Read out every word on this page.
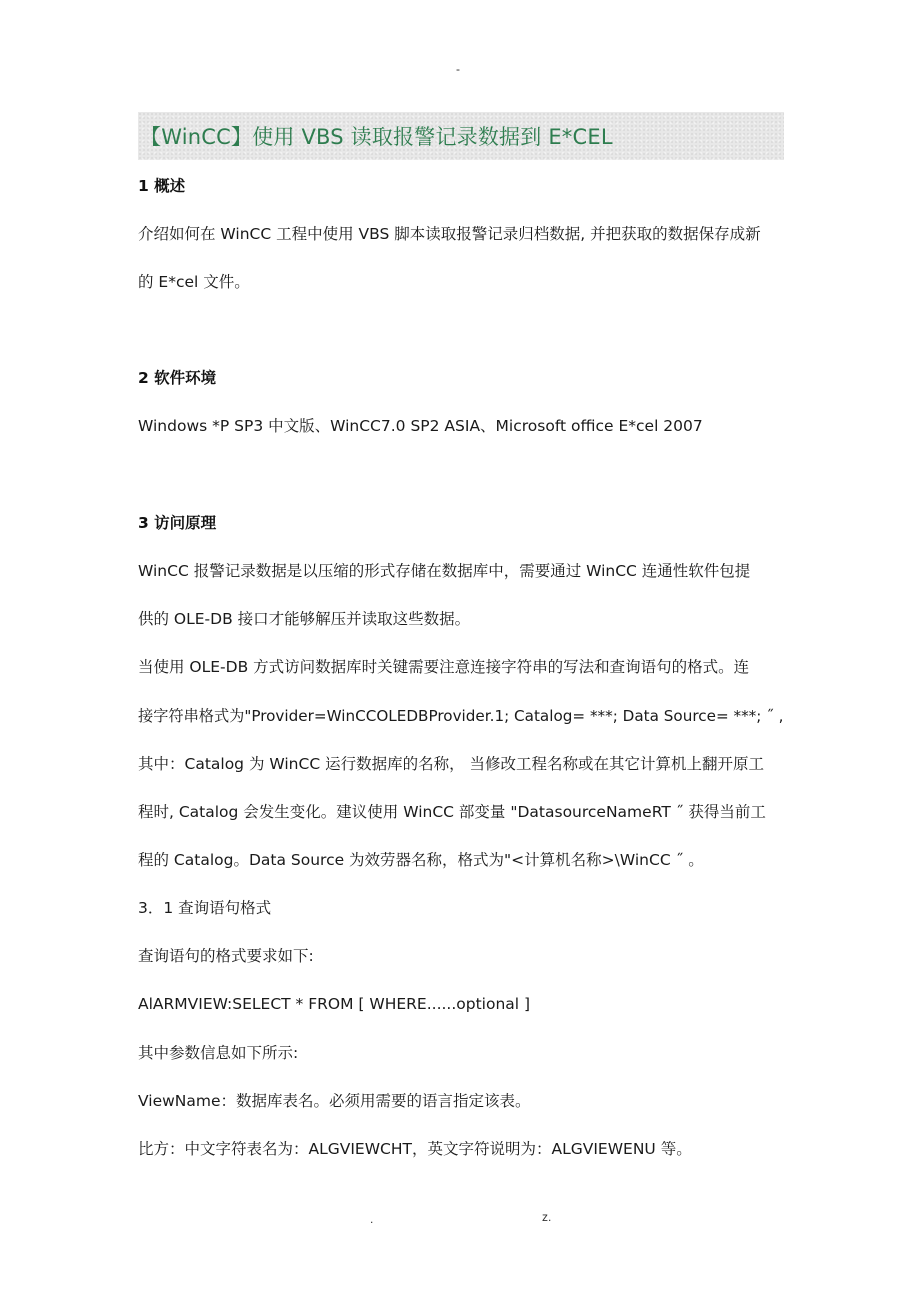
-
【WinCC】使用 VBS 读取报警记录数据到 E*CEL
1 概述
介绍如何在 WinCC 工程中使用 VBS 脚本读取报警记录归档数据, 并把获取的数据保存成新
的 E*cel 文件。
2 软件环境
Windows *P SP3 中文版、WinCC7.0 SP2 ASIA、Microsoft office E*cel 2007
3 访问原理
WinCC 报警记录数据是以压缩的形式存储在数据库中，需要通过 WinCC 连通性软件包提
供的 OLE-DB 接口才能够解压并读取这些数据。
当使用 OLE-DB 方式访问数据库时关键需要注意连接字符串的写法和查询语句的格式。连
接字符串格式为"Provider=WinCCOLEDBProvider.1; Catalog= ***; Data Source= ***; ˝ ,
其中：Catalog 为 WinCC 运行数据库的名称， 当修改工程名称或在其它计算机上翻开原工
程时, Catalog 会发生变化。建议使用 WinCC 部变量 "DatasourceNameRT ˝ 获得当前工
程的 Catalog。Data Source 为效劳器名称，格式为"<计算机名称>\WinCC ˝ 。
3．1 查询语句格式
查询语句的格式要求如下:
AlARMVIEW:SELECT * FROM [ WHERE......optional ]
其中参数信息如下所示:
ViewName：数据库表名。必须用需要的语言指定该表。
比方：中文字符表名为：ALGVIEWCHT，英文字符说明为：ALGVIEWENU 等。
.	z.
